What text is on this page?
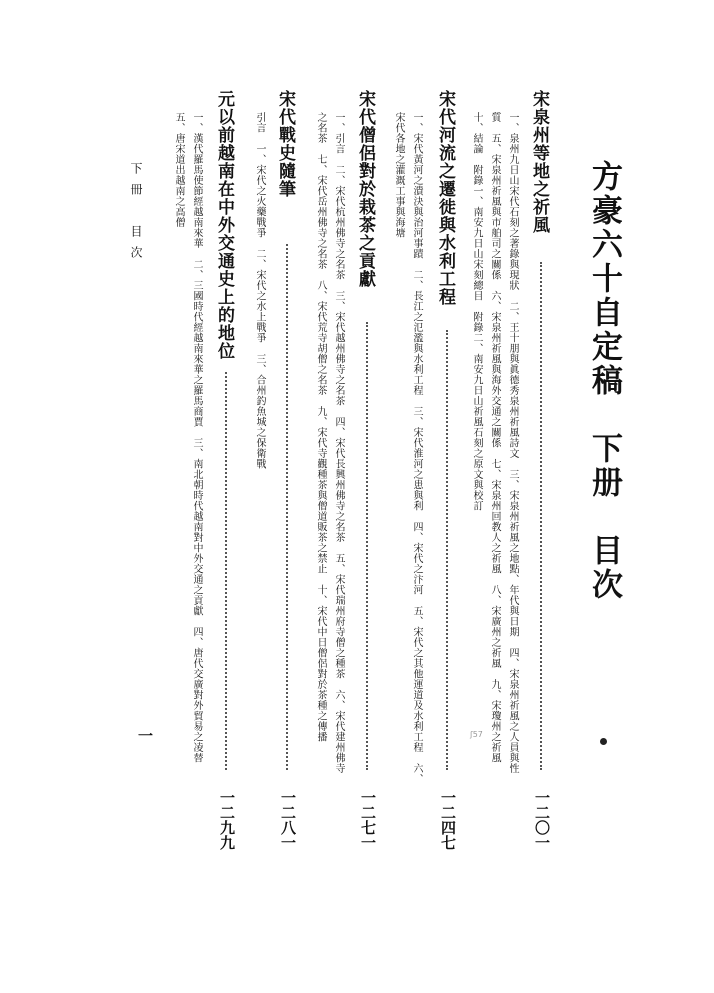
方豪六十自定稿　下册　目次
宋泉州等地之祈風
一二〇一
一、泉州九日山宋代石刻之著錄與現狀　二、王十朋與眞德秀泉州祈風詩文　三、宋泉州祈風之地點、年代與日期　四、宋泉州祈風之人員與性
質　五、宋泉州祈風與市舶司之關係　六、宋泉州祈風與海外交通之關係　七、宋泉州回教人之祈風　八、宋廣州之祈風　九、宋瓊州之祈風
十、結論　附錄一、南安九日山宋刻總目　附錄二、南安九日山祈風石刻之原文與校訂
ʃ57
宋代河流之遷徙與水利工程
一二四七
一、宋代黃河之潰決與治河事蹟　二、長江之氾濫與水利工程　三、宋代淮河之患與利　四、宋代之汴河　五、宋代之其他運道及水利工程　六、
宋代各地之灌溉工事與海塘
宋代僧侶對於栽茶之貢獻
一二七一
一、引言　二、宋代杭州佛寺之名茶　三、宋代越州佛寺之名茶　四、宋代長興州佛寺之名茶　五、宋代瑞州府寺僧之種茶　六、宋代建州佛寺
之名茶　七、宋代岳州佛寺之名茶　八、宋代荒寺胡僧之名茶　九、宋代寺觀種茶與僧道販茶之禁止　十、宋代中日僧侶對於茶種之傳播
宋代戰史隨筆
一二八一
引言　一、宋代之火藥戰爭　二、宋代之水上戰爭　三、合州釣魚城之保衛戰
元以前越南在中外交通史上的地位
一二九九
一、漢代羅馬使節經越南來華　二、三國時代經越南來華之羅馬商賈　三、南北朝時代越南對中外交通之貢獻　四、唐代交廣對外貿易之凌替
五、唐宋道出越南之高僧
下冊　目次
一
